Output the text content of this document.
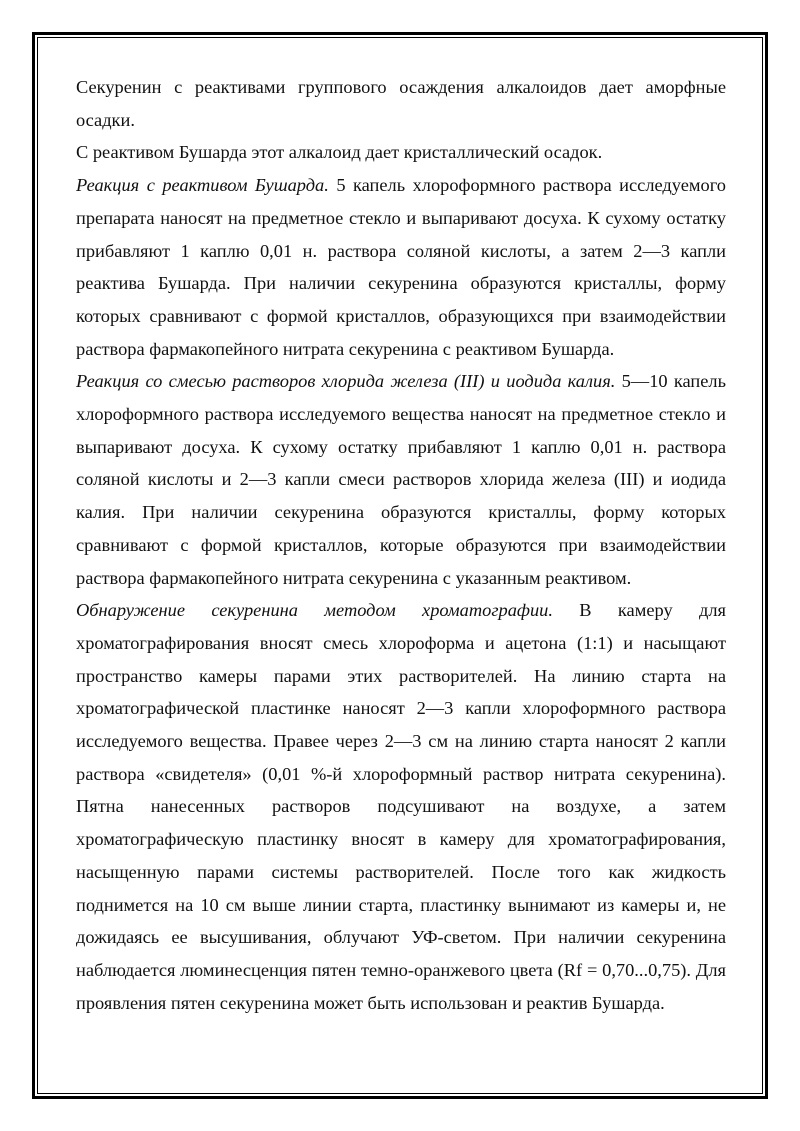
Секуренин с реактивами группового осаждения алкалоидов дает аморфные осадки.

С реактивом Бушарда этот алкалоид дает кристаллический осадок.

Реакция с реактивом Бушарда. 5 капель хлороформного раствора исследуемого препарата наносят на предметное стекло и выпаривают досуха. К сухому остатку прибавляют 1 каплю 0,01 н. раствора соляной кислоты, а затем 2—3 капли реактива Бушарда. При наличии секуренина образуются кристаллы, форму которых сравнивают с формой кристаллов, образующихся при взаимодействии раствора фармакопейного нитрата секуренина с реактивом Бушарда.

Реакция со смесью растворов хлорида железа (III) и иодида калия. 5—10 капель хлороформного раствора исследуемого вещества наносят на предметное стекло и выпаривают досуха. К сухому остатку прибавляют 1 каплю 0,01 н. раствора соляной кислоты и 2—3 капли смеси растворов хлорида железа (III) и иодида калия. При наличии секуренина образуются кристаллы, форму которых сравнивают с формой кристаллов, которые образуются при взаимодействии раствора фармакопейного нитрата секуренина с указанным реактивом.

Обнаружение секуренина методом хроматографии. В камеру для хроматографирования вносят смесь хлороформа и ацетона (1:1) и насыщают пространство камеры парами этих растворителей. На линию старта на хроматографической пластинке наносят 2—3 капли хлороформного раствора исследуемого вещества. Правее через 2—3 см на линию старта наносят 2 капли раствора «свидетеля» (0,01 %-й хлороформный раствор нитрата секуренина). Пятна нанесенных растворов подсушивают на воздухе, а затем хроматографическую пластинку вносят в камеру для хроматографирования, насыщенную парами системы растворителей. После того как жидкость поднимется на 10 см выше линии старта, пластинку вынимают из камеры и, не дожидаясь ее высушивания, облучают УФ-светом. При наличии секуренина наблюдается люминесценция пятен темно-оранжевого цвета (Rf = 0,70...0,75). Для проявления пятен секуренина может быть использован и реактив Бушарда.
